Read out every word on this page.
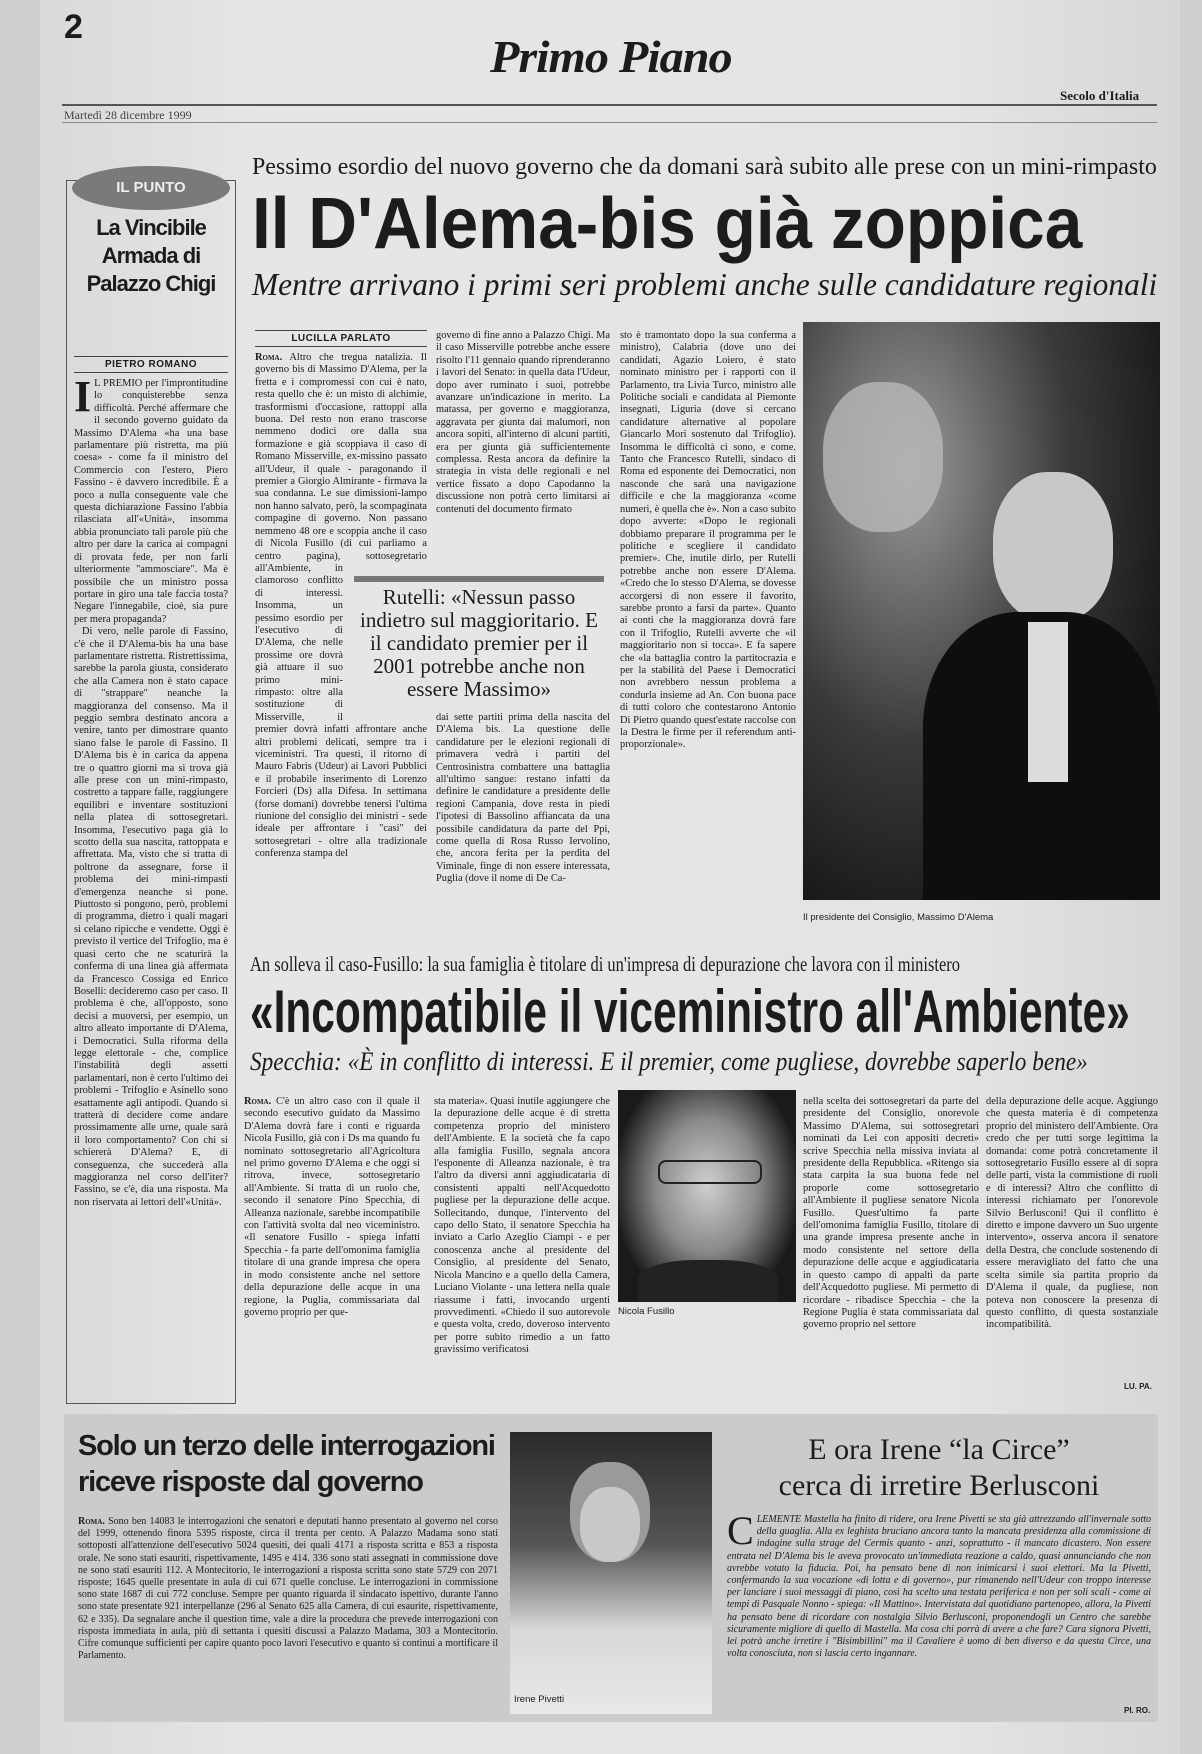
2
Primo Piano
Martedì 28 dicembre 1999
Secolo d'Italia
IL PUNTO
La Vincibile Armada di Palazzo Chigi
PIETRO ROMANO

I L PREMIO per l'improntitudine lo conquisterebbe senza difficoltà. Perché affermare che il secondo governo guidato da Massimo D'Alema «ha una base parlamentare più ristretta, ma più coesa» - come fa il ministro del Commercio con l'estero, Piero Fassino - è davvero incredibile. È a poco a nulla conseguente vale che questa dichiarazione Fassino l'abbia rilasciata all'«Unità», insomma abbia pronunciato tali parole più che altro per dare la carica ai compagni di provata fede, per non farli ulteriormente "ammosciare". Ma è possibile che un ministro possa portare in giro una tale faccia tosta? Negare l'innegabile, cioè, sia pure per mera propaganda?

Di vero, nelle parole di Fassino, c'è che il D'Alema-bis ha una base parlamentare ristretta. Ristrettissima, sarebbe la parola giusta, considerato che alla Camera non è stato capace di "strappare" neanche la maggioranza del consenso. Ma il peggio sembra destinato ancora a venire, tanto per dimostrare quanto siano false le parole di Fassino. Il D'Alema bis è in carica da appena tre o quattro giorni ma si trova già alle prese con un mini-rimpasto, costretto a tappare falle, raggiungere equilibri e inventare sostituzioni nella platea di sottosegretari. Insomma, l'esecutivo paga già lo scotto della sua nascita, rattoppata e affrettata. Ma, visto che si tratta di poltrone da assegnare, forse il problema dei mini-rimpasti d'emergenza neanche si pone. Piuttosto si pongono, però, problemi di programma, dietro i quali magari si celano ripicche e vendette. Oggi è previsto il vertice del Trifoglio, ma è quasi certo che ne scaturirà la conferma di una linea già affermata da Francesco Cossiga ed Enrico Boselli: decideremo caso per caso. Il problema è che, all'opposto, sono decisi a muoversi, per esempio, un altro alleato importante di D'Alema, i Democratici. Sulla riforma della legge elettorale - che, complice l'instabilità degli assetti parlamentari, non è certo l'ultimo dei problemi - Trifoglio e Asinello sono esattamente agli antipodi. Quando si tratterà di decidere come andare prossimamente alle urne, quale sarà il loro comportamento? Con chi si schiererà D'Alema? E, di conseguenza, che succederà alla maggioranza nel corso dell'iter? Fassino, se c'è, dia una risposta. Ma non riservata ai lettori dell'«Unità».

Pessimo esordio del nuovo governo che da domani sarà subito alle prese con un mini-rimpasto
Il D'Alema-bis già zoppica
Mentre arrivano i primi seri problemi anche sulle candidature regionali
LUCILLA PARLATO
Roma. Altro che tregua natalizia. Il governo bis di Massimo D'Alema, per la fretta e i compromessi con cui è nato, resta quello che è: un misto di alchimie, trasformismi d'occasione, rattoppi alla buona. Del resto non erano trascorse nemmeno dodici ore dalla sua formazione e già scoppiava il caso di Romano Misserville, ex-missino passato all'Udeur, il quale - paragonando il premier a Giorgio Almirante - firmava la sua condanna. Le sue dimissioni-lampo non hanno salvato, però, la scompaginata compagine di governo. Non passano nemmeno 48 ore e scoppia anche il caso di Nicola Fusillo (di cui parliamo a centro pagina), sottosegretario all'Ambiente, in clamoroso conflitto di interessi. Insomma, un pessimo esordio per l'esecutivo di D'Alema, che nelle prossime ore dovrà già attuare il suo primo mini-rimpasto: oltre alla sostituzione di Misserville, il premier dovrà infatti affrontare anche altri problemi delicati, sempre tra i viceministri. Tra questi, il ritorno di Mauro Fabris (Udeur) ai Lavori Pubblici e il probabile inserimento di Lorenzo Forcieri (Ds) alla Difesa. In settimana (forse domani) dovrebbe tenersi l'ultima riunione del consiglio dei ministri - sede ideale per affrontare i "casi" dei sottosegretari - oltre alla tradizionale conferenza stampa del
governo di fine anno a Palazzo Chigi. Ma il caso Misserville potrebbe anche essere risolto l'11 gennaio quando riprenderanno i lavori del Senato: in quella data l'Udeur, dopo aver ruminato i suoi, potrebbe avanzare un'indicazione in merito. La matassa, per governo e maggioranza, aggravata per giunta dai malumori, non ancora sopiti, all'interno di alcuni partiti, era per giunta già sufficientemente complessa. Resta ancora da definire la strategia in vista delle regionali e nel vertice fissato a dopo Capodanno la discussione non potrà certo limitarsi ai contenuti del documento firmato
dai sette partiti prima della nascita del D'Alema bis. La questione delle candidature per le elezioni regionali di primavera vedrà i partiti del Centrosinistra combattere una battaglia all'ultimo sangue: restano infatti da definire le candidature a presidente delle regioni Campania, dove resta in piedi l'ipotesi di Bassolino affiancata da una possibile candidatura da parte del Ppi, come quella di Rosa Russo Iervolino, che, ancora ferita per la perdita del Viminale, finge di non essere interessata, Puglia (dove il nome di De Ca-
sto è tramontato dopo la sua conferma a ministro), Calabria (dove uno dei candidati, Agazio Loiero, è stato nominato ministro per i rapporti con il Parlamento, tra Livia Turco, ministro alle Politiche sociali e candidata al Piemonte insegnati, Liguria (dove si cercano candidature alternative al popolare Giancarlo Mori sostenuto dal Trifoglio). Insomma le difficoltà ci sono, e come. Tanto che Francesco Rutelli, sindaco di Roma ed esponente dei Democratici, non nasconde che sarà una navigazione difficile e che la maggioranza «come numeri, è quella che è». Non a caso subito dopo avverte: «Dopo le regionali dobbiamo preparare il programma per le politiche e scegliere il candidato premier». Che, inutile dirlo, per Rutelli potrebbe anche non essere D'Alema. «Credo che lo stesso D'Alema, se dovesse accorgersi di non essere il favorito, sarebbe pronto a farsi da parte». Quanto ai conti che la maggioranza dovrà fare con il Trifoglio, Rutelli avverte che «il maggioritario non si tocca». E fa sapere che «la battaglia contro la partitocrazia e per la stabilità del Paese i Democratici non avrebbero nessun problema a condurla insieme ad An. Con buona pace di tutti coloro che contestarono Antonio Di Pietro quando quest'estate raccolse con la Destra le firme per il referendum anti-proporzionale».
Rutelli: «Nessun passo indietro sul maggioritario. E il candidato premier per il 2001 potrebbe anche non essere Massimo»
Il presidente del Consiglio, Massimo D'Alema
An solleva il caso-Fusillo: la sua famiglia è titolare di un'impresa di depurazione che lavora con il ministero
«Incompatibile il viceministro all'Ambiente»
Specchia: «È in conflitto di interessi. E il premier, come pugliese, dovrebbe saperlo bene»
Roma. C'è un altro caso con il quale il secondo esecutivo guidato da Massimo D'Alema dovrà fare i conti e riguarda Nicola Fusillo, già con i Ds ma quando fu nominato sottosegretario all'Agricoltura nel primo governo D'Alema e che oggi si ritrova, invece, sottosegretario all'Ambiente. Si tratta di un ruolo che, secondo il senatore Pino Specchia, di Alleanza nazionale, sarebbe incompatibile con l'attività svolta dal neo viceministro. «Il senatore Fusillo - spiega infatti Specchia - fa parte dell'omonima famiglia titolare di una grande impresa che opera in modo consistente anche nel settore della depurazione delle acque in una regione, la Puglia, commissariata dal governo proprio per que-
sta materia». Quasi inutile aggiungere che la depurazione delle acque è di stretta competenza proprio del ministero dell'Ambiente. E la società che fa capo alla famiglia Fusillo, segnala ancora l'esponente di Alleanza nazionale, è tra l'altro da diversi anni aggiudicataria di consistenti appalti nell'Acquedotto pugliese per la depurazione delle acque. Sollecitando, dunque, l'intervento del capo dello Stato, il senatore Specchia ha inviato a Carlo Azeglio Ciampi - e per conoscenza anche al presidente del Consiglio, al presidente del Senato, Nicola Mancino e a quello della Camera, Luciano Violante - una lettera nella quale riassume i fatti, invocando urgenti provvedimenti. «Chiedo il suo autorevole e questa volta, credo, doveroso intervento per porre subito rimedio a un fatto gravissimo verificatosi
Nicola Fusillo
nella scelta dei sottosegretari da parte del presidente del Consiglio, onorevole Massimo D'Alema, sui sottosegretari nominati da Lei con appositi decreti» scrive Specchia nella missiva inviata al presidente della Repubblica. «Ritengo sia stata carpita la sua buona fede nel proporle come sottosegretario all'Ambiente il pugliese senatore Nicola Fusillo. Quest'ultimo fa parte dell'omonima famiglia Fusillo, titolare di una grande impresa presente anche in modo consistente nel settore della depurazione delle acque e aggiudicataria in questo campo di appalti da parte dell'Acquedotto pugliese. Mi permetto di ricordare - ribadisce Specchia - che la Regione Puglia è stata commissariata dal governo proprio nel settore
della depurazione delle acque. Aggiungo che questa materia è di competenza proprio del ministero dell'Ambiente. Ora credo che per tutti sorge legittima la domanda: come potrà concretamente il sottosegretario Fusillo essere al di sopra delle parti, vista la commistione di ruoli e di interessi? Altro che conflitto di interessi richiamato per l'onorevole Silvio Berlusconi! Qui il conflitto è diretto e impone davvero un Suo urgente intervento», osserva ancora il senatore della Destra, che conclude sostenendo di essere meravigliato del fatto che una scelta simile sia partita proprio da D'Alema il quale, da pugliese, non poteva non conoscere la presenza di questo conflitto, di questa sostanziale incompatibilità.
LU. PA.
Solo un terzo delle interrogazioni riceve risposte dal governo
Roma. Sono ben 14083 le interrogazioni che senatori e deputati hanno presentato al governo nel corso del 1999, ottenendo finora 5395 risposte, circa il trenta per cento. A Palazzo Madama sono stati sottoposti all'attenzione dell'esecutivo 5024 quesiti, dei quali 4171 a risposta scritta e 853 a risposta orale. Ne sono stati esauriti, rispettivamente, 1495 e 414. 336 sono stati assegnati in commissione dove ne sono stati esauriti 112. A Montecitorio, le interrogazioni a risposta scritta sono state 5729 con 2071 risposte; 1645 quelle presentate in aula di cui 671 quelle concluse. Le interrogazioni in commissione sono state 1687 di cui 772 concluse. Sempre per quanto riguarda il sindacato ispettivo, durante l'anno sono state presentate 921 interpellanze (296 al Senato 625 alla Camera, di cui esaurite, rispettivamente, 62 e 335). Da segnalare anche il question time, vale a dire la procedura che prevede interrogazioni con risposta immediata in aula, più di settanta i quesiti discussi a Palazzo Madama, 303 a Montecitorio. Cifre comunque sufficienti per capire quanto poco lavori l'esecutivo e quanto si continui a mortificare il Parlamento.
Irene Pivetti
E ora Irene “la Circe”
cerca di irretire Berlusconi
CLEMENTE Mastella ha finito di ridere, ora Irene Pivetti se sta già attrezzando all'invernale sotto della guaglia. Alla ex leghista bruciano ancora tanto la mancata presidenza alla commissione di indagine sulla strage del Cermis quanto - anzi, soprattutto - il mancato dicastero. Non essere entrata nel D'Alema bis le aveva provocato un'immediata reazione a caldo, quasi annunciando che non avrebbe votato la fiducia. Poi, ha pensato bene di non inimicarsi i suoi elettori. Ma la Pivetti, confermando la sua vocazione «di lotta e di governo», pur rimanendo nell'Udeur con troppo interesse per lanciare i suoi messaggi di piano, così ha scelto una testata periferica e non per soli scali - come ai tempi di Pasquale Nonno - spiega: «Il Mattino». Intervistata dal quotidiano partenopeo, allora, la Pivetti ha pensato bene di ricordare con nostalgia Silvio Berlusconi, proponendogli un Centro che sarebbe sicuramente migliore di quello di Mastella. Ma cosa chi porrà di avere a che fare? Cara signora Pivetti, lei potrà anche irretire i "Bisimbillini" ma il Cavaliere è uomo di ben diverso e da questa Circe, una volta conosciuta, non si lascia certo ingannare.
PI. RO.
